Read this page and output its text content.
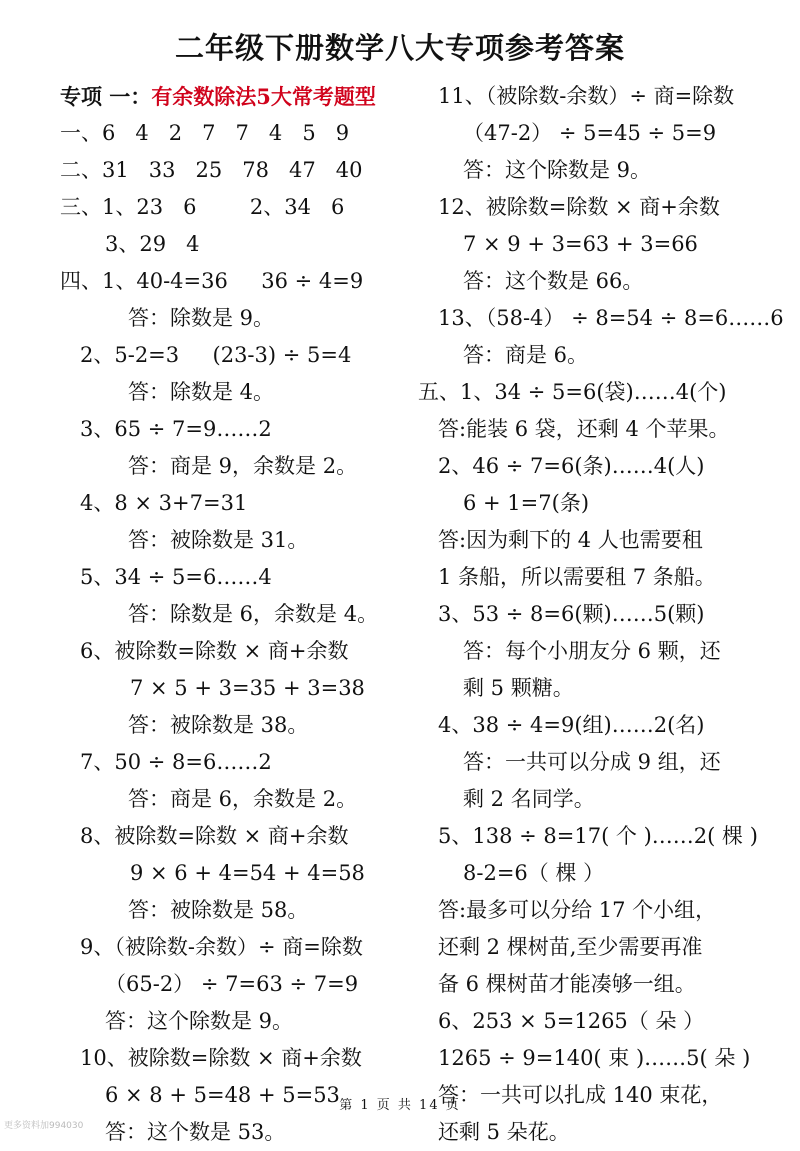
二年级下册数学八大专项参考答案
专项 一：有余数除法5大常考题型
一、6   4   2   7   7   4   5   9
二、31   33   25   78   47   40
三、1、23   6        2、34   6
3、29   4
四、1、40-4=36     36 ÷ 4=9
答：除数是 9。
2、5-2=3     (23-3) ÷ 5=4
答：除数是 4。
3、65 ÷ 7=9……2
答：商是 9，余数是 2。
4、8 × 3+7=31
答：被除数是 31。
5、34 ÷ 5=6……4
答：除数是 6，余数是 4。
6、被除数=除数 × 商+余数
7 × 5 + 3=35 + 3=38
答：被除数是 38。
7、50 ÷ 8=6……2
答：商是 6，余数是 2。
8、被除数=除数 × 商+余数
9 × 6 + 4=54 + 4=58
答：被除数是 58。
9、（被除数-余数）÷ 商=除数
（65-2） ÷ 7=63 ÷ 7=9
答：这个除数是 9。
10、被除数=除数 × 商+余数
6 × 8 + 5=48 + 5=53
答：这个数是 53。
11、（被除数-余数）÷ 商=除数
（47-2） ÷ 5=45 ÷ 5=9
答：这个除数是 9。
12、被除数=除数 × 商+余数
7 × 9 + 3=63 + 3=66
答：这个数是 66。
13、（58-4） ÷ 8=54 ÷ 8=6……6
答：商是 6。
五、1、34 ÷ 5=6(袋)……4(个)
答:能装 6 袋，还剩 4 个苹果。
2、46 ÷ 7=6(条)……4(人)
6 + 1=7(条)
答:因为剩下的 4 人也需要租
1 条船，所以需要租 7 条船。
3、53 ÷ 8=6(颗)……5(颗)
答：每个小朋友分 6 颗，还
剩 5 颗糖。
4、38 ÷ 4=9(组)……2(名)
答：一共可以分成 9 组，还
剩 2 名同学。
5、138 ÷ 8=17( 个 )……2( 棵 )
8-2=6（ 棵 ）
答:最多可以分给 17 个小组，
还剩 2 棵树苗,至少需要再准
备 6 棵树苗才能凑够一组。
6、253 × 5=1265（ 朵 ）
1265 ÷ 9=140( 束 )……5( 朵 )
答：一共可以扎成 140 束花，
还剩 5 朵花。
第 1 页 共 14 页
更多资料加994030
